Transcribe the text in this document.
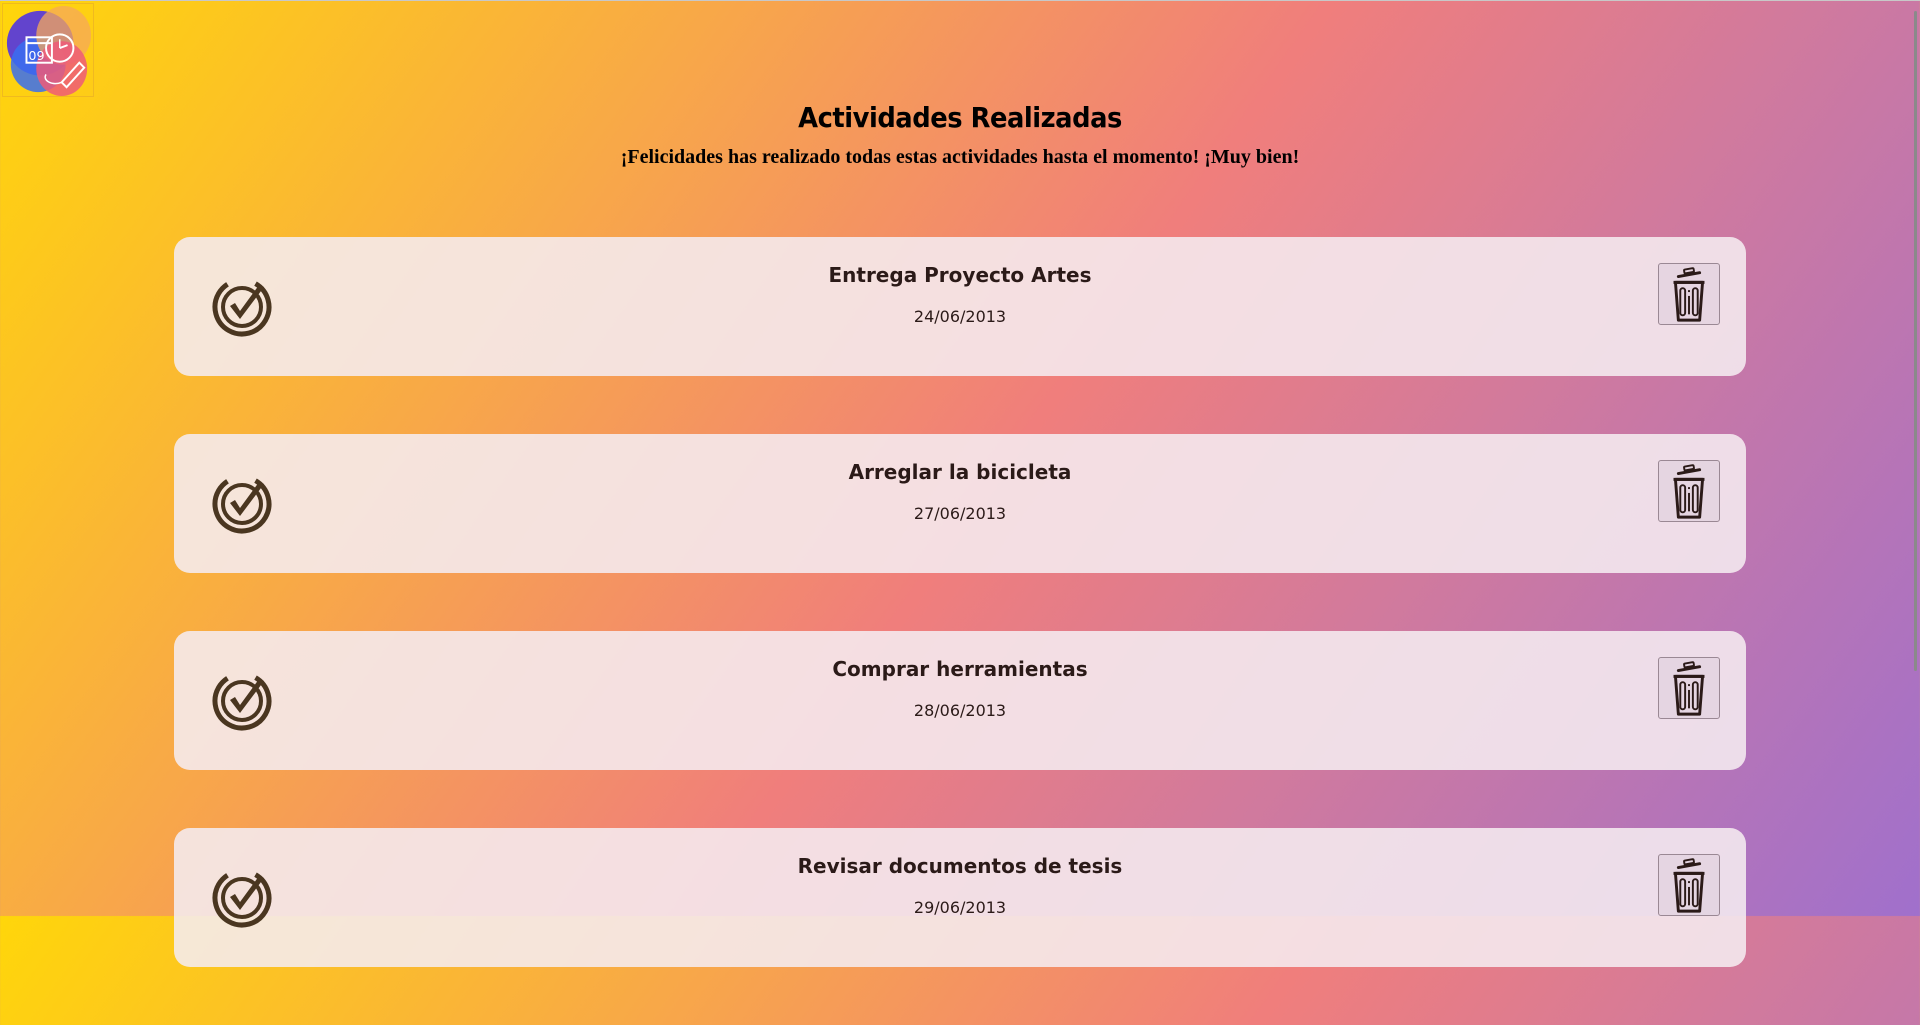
09
Actividades Realizadas

¡Felicidades has realizado todas estas actividades hasta el momento! ¡Muy bien!

Entrega Proyecto Artes

24/06/2013

Arreglar la bicicleta

27/06/2013

Comprar herramientas

28/06/2013

Revisar documentos de tesis

29/06/2013
